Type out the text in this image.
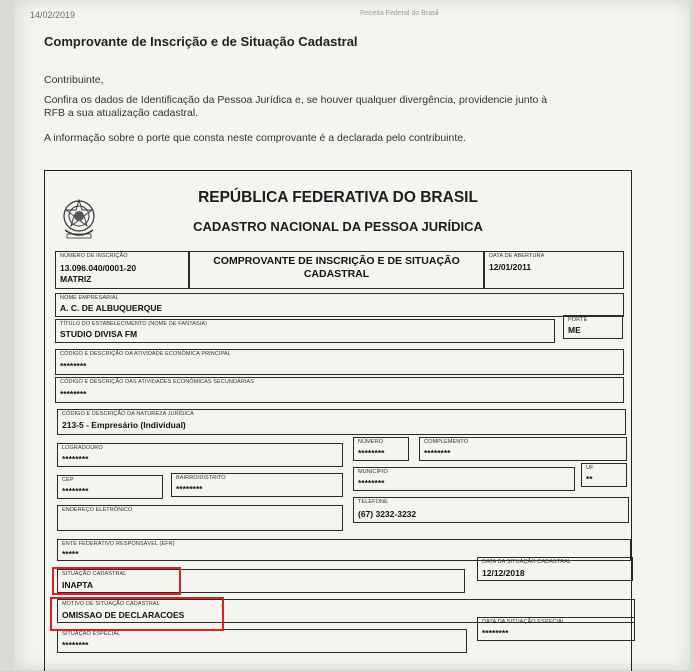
14/02/2019	Receita Federal do Brasil
Comprovante de Inscrição e de Situação Cadastral
Contribuinte,
Confira os dados de Identificação da Pessoa Jurídica e, se houver qualquer divergência, providencie junto à
RFB a sua atualização cadastral.
A informação sobre o porte que consta neste comprovante é a declarada pelo contribuinte.
REPÚBLICA FEDERATIVA DO BRASIL
CADASTRO NACIONAL DA PESSOA JURÍDICA
NÚMERO DE INSCRIÇÃO
13.096.040/0001-20
MATRIZ
COMPROVANTE DE INSCRIÇÃO E DE SITUAÇÃO
CADASTRAL
DATA DE ABERTURA
12/01/2011
NOME EMPRESARIAL
A. C. DE ALBUQUERQUE
TÍTULO DO ESTABELECIMENTO (NOME DE FANTASIA)
STUDIO DIVISA FM
PORTE
ME
CÓDIGO E DESCRIÇÃO DA ATIVIDADE ECONÔMICA PRINCIPAL
********
CÓDIGO E DESCRIÇÃO DAS ATIVIDADES ECONÔMICAS SECUNDÁRIAS
********
CÓDIGO E DESCRIÇÃO DA NATUREZA JURÍDICA
213-5 - Empresário (Individual)
LOGRADOURO
********
NÚMERO
********
COMPLEMENTO
********
CEP
********
BAIRRO/DISTRITO
********
MUNICÍPIO
********
UF
**
ENDEREÇO ELETRÔNICO
TELEFONE
(67) 3232-3232
ENTE FEDERATIVO RESPONSÁVEL (EFR)
*****
SITUAÇÃO CADASTRAL
INAPTA
DATA DA SITUAÇÃO CADASTRAL
12/12/2018
MOTIVO DE SITUAÇÃO CADASTRAL
OMISSAO DE DECLARACOES
SITUAÇÃO ESPECIAL
********
DATA DA SITUAÇÃO ESPECIAL
********
